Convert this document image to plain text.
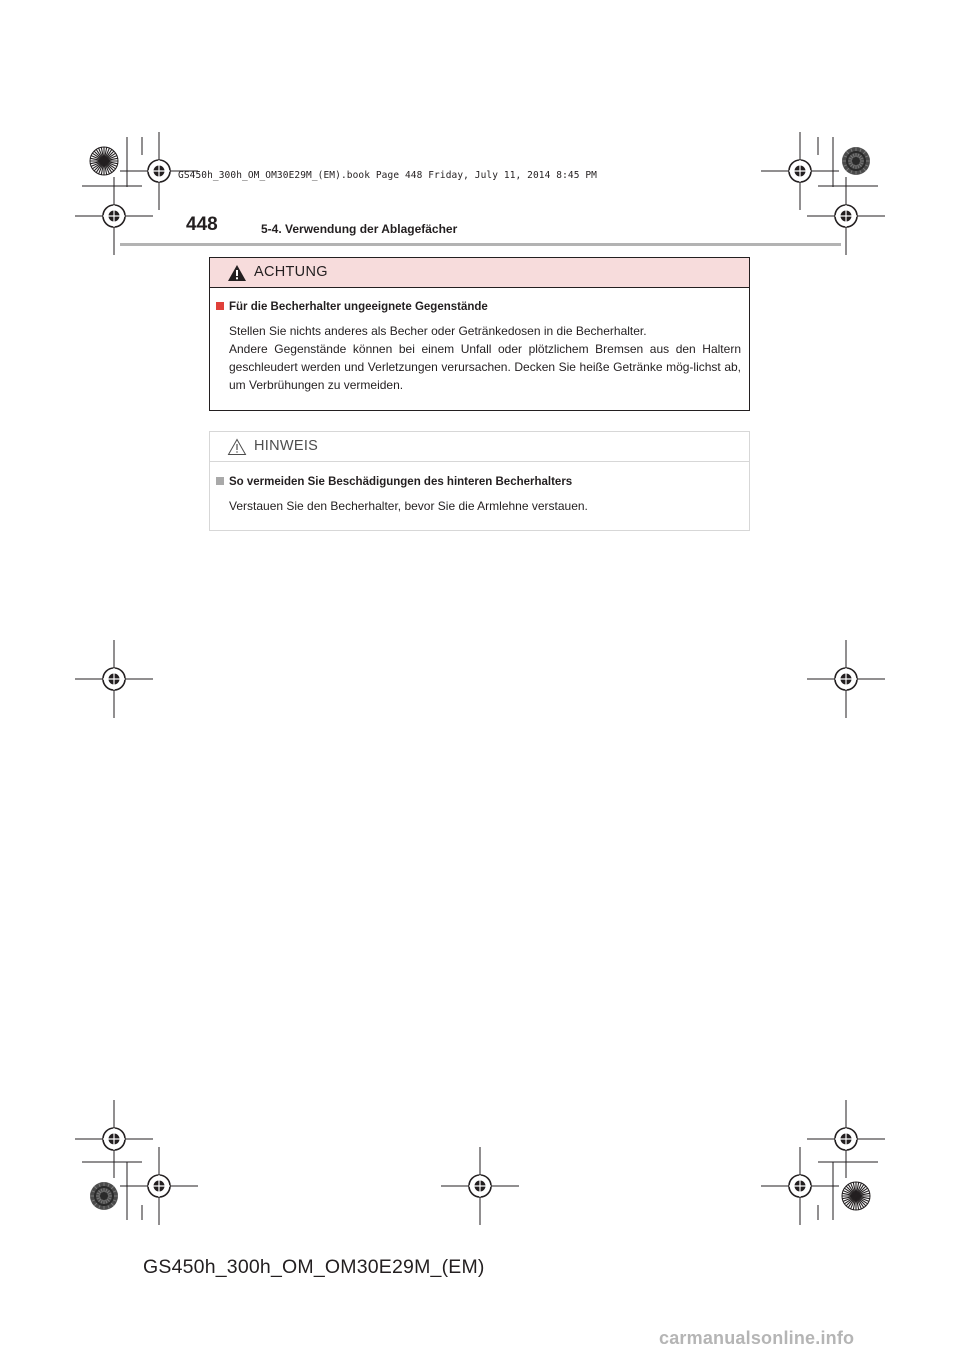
GS450h_300h_OM_OM30E29M_(EM).book Page 448 Friday, July 11, 2014 8:45 PM
448	5-4. Verwendung der Ablagefächer
ACHTUNG
Für die Becherhalter ungeeignete Gegenstände

Stellen Sie nichts anderes als Becher oder Getränkedosen in die Becherhalter.

Andere Gegenstände können bei einem Unfall oder plötzlichem Bremsen aus den Haltern geschleudert werden und Verletzungen verursachen. Decken Sie heiße Getränke mög-lichst ab, um Verbrühungen zu vermeiden.

HINWEIS
So vermeiden Sie Beschädigungen des hinteren Becherhalters

Verstauen Sie den Becherhalter, bevor Sie die Armlehne verstauen.

GS450h_300h_OM_OM30E29M_(EM)
carmanualsonline.info
